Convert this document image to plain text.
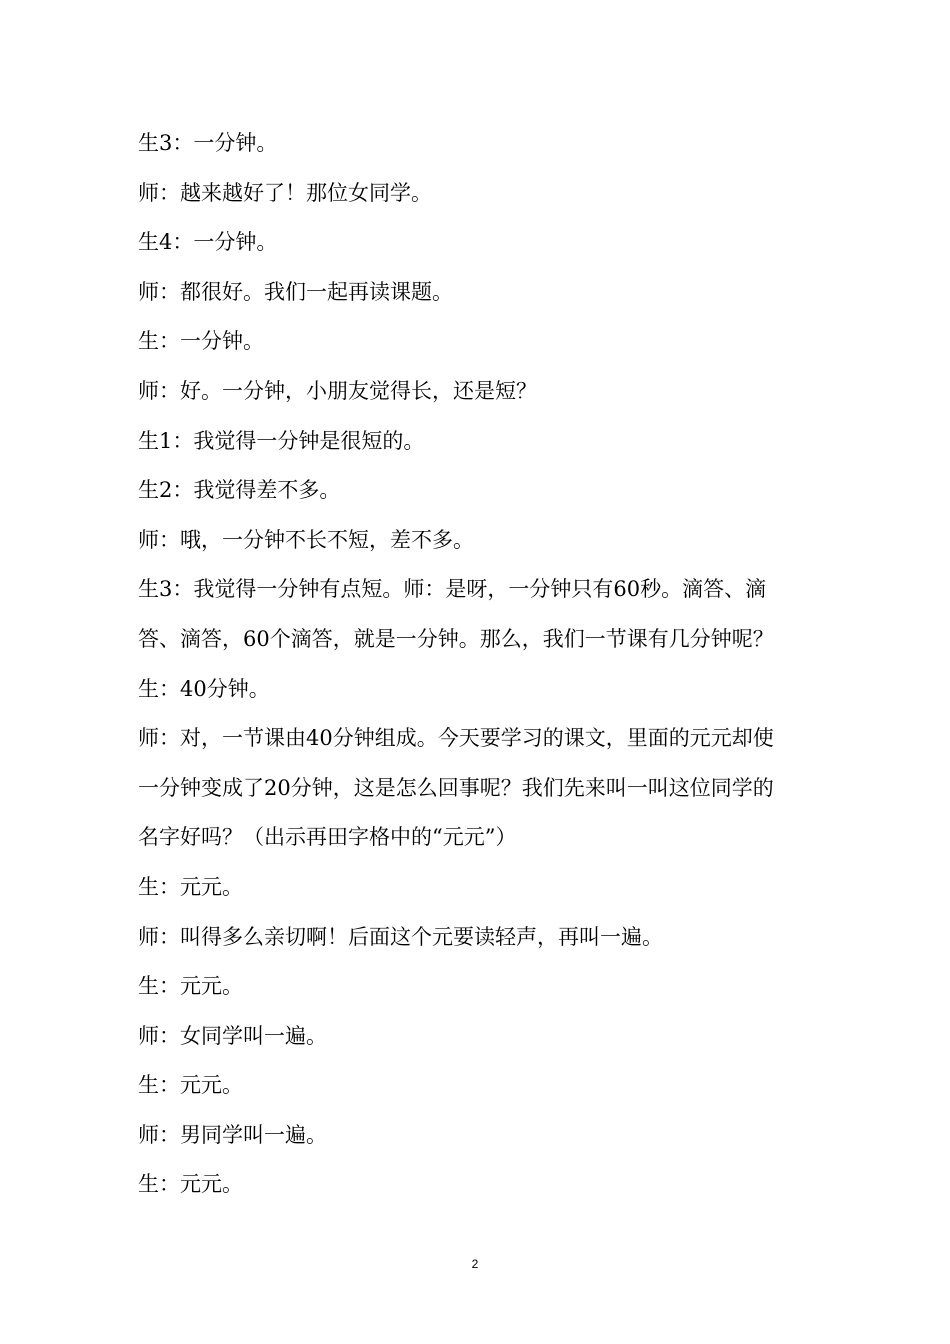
生3：一分钟。
师：越来越好了！那位女同学。
生4：一分钟。
师：都很好。我们一起再读课题。
生：一分钟。
师：好。一分钟，小朋友觉得长，还是短？
生1：我觉得一分钟是很短的。
生2：我觉得差不多。
师：哦，一分钟不长不短，差不多。
生3：我觉得一分钟有点短。师：是呀，一分钟只有60秒。滴答、滴
答、滴答，60个滴答，就是一分钟。那么，我们一节课有几分钟呢？
生：40分钟。
师：对，一节课由40分钟组成。今天要学习的课文，里面的元元却使
一分钟变成了20分钟，这是怎么回事呢？我们先来叫一叫这位同学的
名字好吗？（出示再田字格中的“元元”）
生：元元。
师：叫得多么亲切啊！后面这个元要读轻声，再叫一遍。
生：元元。
师：女同学叫一遍。
生：元元。
师：男同学叫一遍。
生：元元。
2
